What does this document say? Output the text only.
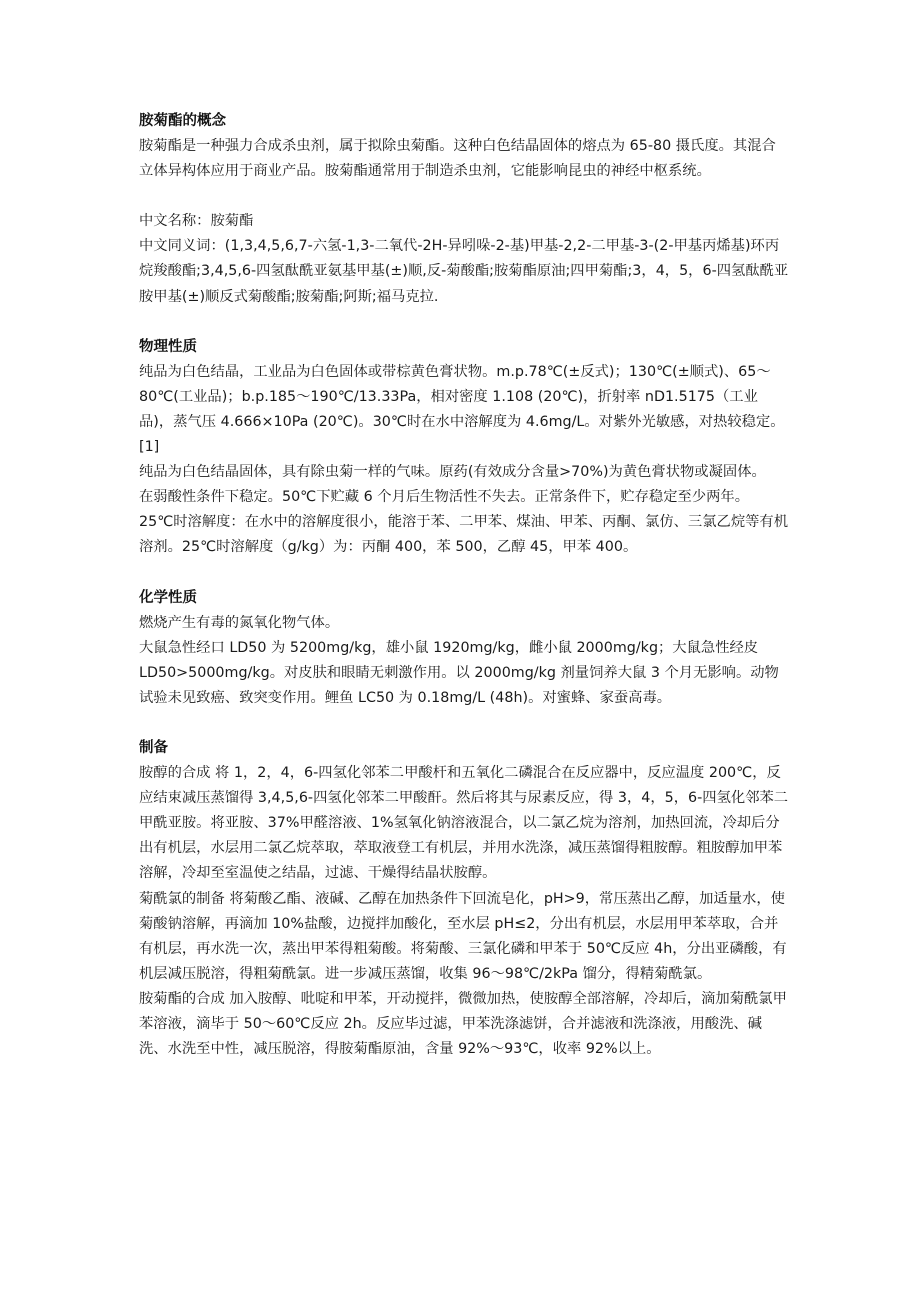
胺菊酯的概念

胺菊酯是一种强力合成杀虫剂，属于拟除虫菊酯。这种白色结晶固体的熔点为 65-80 摄氏度。其混合立体异构体应用于商业产品。胺菊酯通常用于制造杀虫剂，它能影响昆虫的神经中枢系统。

中文名称：胺菊酯

中文同义词：(1,3,4,5,6,7-六氢-1,3-二氧代-2H-异吲哚-2-基)甲基-2,2-二甲基-3-(2-甲基丙烯基)环丙烷羧酸酯;3,4,5,6-四氢酞酰亚氨基甲基(±)顺,反-菊酸酯;胺菊酯原油;四甲菊酯;3，4，5，6-四氢酞酰亚胺甲基(±)顺反式菊酸酯;胺菊酯;阿斯;福马克拉.

物理性质

纯品为白色结晶，工业品为白色固体或带棕黄色膏状物。m.p.78℃(±反式)；130℃(±顺式)、65～80℃(工业品)；b.p.185～190℃/13.33Pa，相对密度 1.108 (20℃)，折射率 nD1.5175（工业品)，蒸气压 4.666×10Pa (20℃)。30℃时在水中溶解度为 4.6mg/L。对紫外光敏感，对热较稳定。[1]

纯品为白色结晶固体，具有除虫菊一样的气味。原药(有效成分含量>70%)为黄色膏状物或凝固体。

在弱酸性条件下稳定。50℃下贮藏 6 个月后生物活性不失去。正常条件下，贮存稳定至少两年。

25℃时溶解度：在水中的溶解度很小，能溶于苯、二甲苯、煤油、甲苯、丙酮、氯仿、三氯乙烷等有机溶剂。25℃时溶解度（g/kg）为：丙酮 400，苯 500，乙醇 45，甲苯 400。

化学性质

燃烧产生有毒的氮氧化物气体。

大鼠急性经口 LD50 为 5200mg/kg，雄小鼠 1920mg/kg，雌小鼠 2000mg/kg；大鼠急性经皮 LD50>5000mg/kg。对皮肤和眼睛无刺激作用。以 2000mg/kg 剂量饲养大鼠 3 个月无影响。动物试验未见致癌、致突变作用。鲤鱼 LC50 为 0.18mg/L (48h)。对蜜蜂、家蚕高毒。

制备

胺醇的合成 将 1，2，4，6-四氢化邻苯二甲酸杆和五氧化二磷混合在反应器中，反应温度 200℃，反应结束减压蒸馏得 3,4,5,6-四氢化邻苯二甲酸酐。然后将其与尿素反应，得 3，4，5，6-四氢化邻苯二甲酰亚胺。将亚胺、37%甲醛溶液、1%氢氧化钠溶液混合，以二氯乙烷为溶剂，加热回流，冷却后分出有机层，水层用二氯乙烷萃取，萃取液登工有机层，并用水洗涤，减压蒸馏得粗胺醇。粗胺醇加甲苯溶解，冷却至室温使之结晶，过滤、干燥得结晶状胺醇。

菊酰氯的制备 将菊酸乙酯、液碱、乙醇在加热条件下回流皂化，pH>9，常压蒸出乙醇，加适量水，使菊酸钠溶解，再滴加 10%盐酸，边搅拌加酸化，至水层 pH≤2，分出有机层，水层用甲苯萃取，合并有机层，再水洗一次，蒸出甲苯得粗菊酸。将菊酸、三氯化磷和甲苯于 50℃反应 4h，分出亚磷酸，有机层减压脱溶，得粗菊酰氯。进一步减压蒸馏，收集 96～98℃/2kPa 馏分，得精菊酰氯。

胺菊酯的合成 加入胺醇、吡啶和甲苯，开动搅拌，微微加热，使胺醇全部溶解，冷却后，滴加菊酰氯甲苯溶液，滴毕于 50～60℃反应 2h。反应毕过滤，甲苯洗涤滤饼，合并滤液和洗涤液，用酸洗、碱洗、水洗至中性，减压脱溶，得胺菊酯原油，含量 92%～93℃，收率 92%以上。
